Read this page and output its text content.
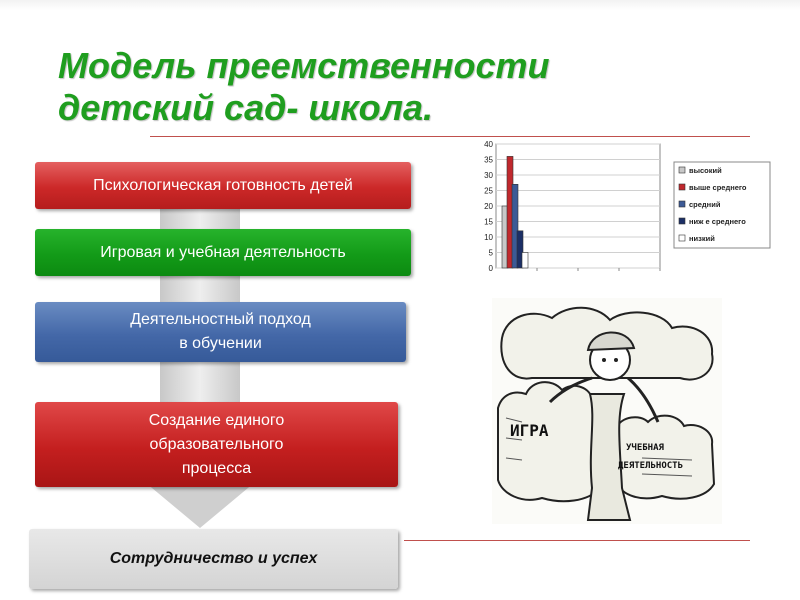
Модель преемственности
детский сад- школа.
Психологическая готовность детей
Игровая и учебная деятельность
Деятельностный подход
в обучении
Создание единого
образовательного
процесса
Сотрудничество и успех
0
5
10
15
20
25
30
35
40
высокий
выше среднего
средний
ниж е среднего
низкий
ИГРА
УЧЕБНАЯ
ДЕЯТЕЛЬНОСТЬ
